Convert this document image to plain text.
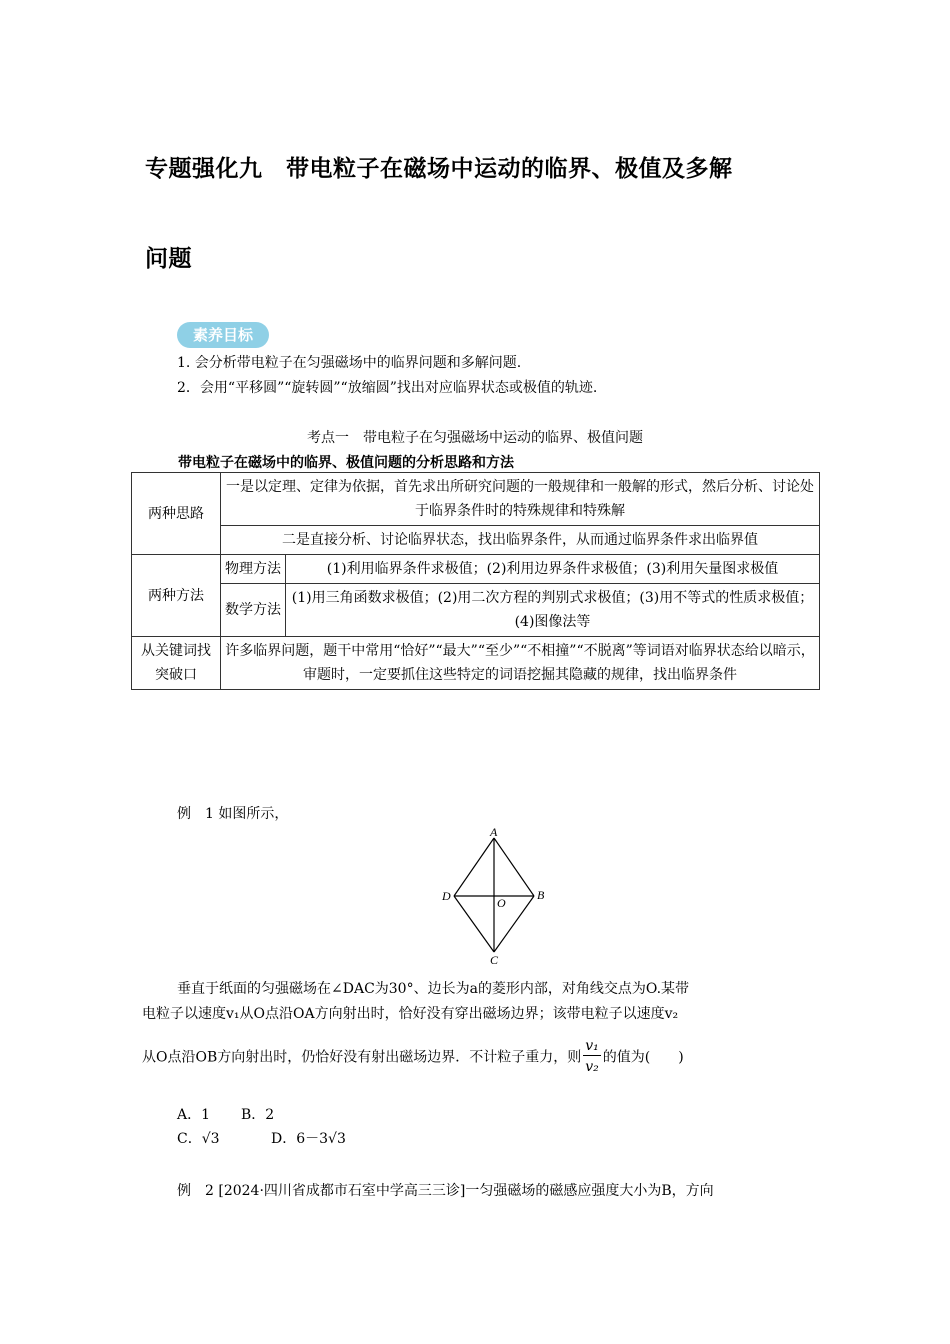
专题强化九　带电粒子在磁场中运动的临界、极值及多解
问题
素养目标
1. 会分析带电粒子在匀强磁场中的临界问题和多解问题.
2．会用“平移圆”“旋转圆”“放缩圆”找出对应临界状态或极值的轨迹.
考点一　带电粒子在匀强磁场中运动的临界、极值问题
带电粒子在磁场中的临界、极值问题的分析思路和方法
两种思路	一是以定理、定律为依据，首先求出所研究问题的一般规律和一般解的形式，然后分析、讨论处于临界条件时的特殊规律和特殊解	
	二是直接分析、讨论临界状态，找出临界条件，从而通过临界条件求出临界值	
两种方法	物理方法	(1)利用临界条件求极值；(2)利用边界条件求极值；(3)利用矢量图求极值
	数学方法	(1)用三角函数求极值；(2)用二次方程的判别式求极值；(3)用不等式的性质求极值；(4)图像法等
从关键词找突破口	许多临界问题，题干中常用“恰好”“最大”“至少”“不相撞”“不脱离”等词语对临界状态给以暗示，审题时，一定要抓住这些特定的词语挖掘其隐藏的规律，找出临界条件	
例　1 如图所示，
A
B
C
D	O
垂直于纸面的匀强磁场在∠DAC为30°、边长为a的菱形内部，对角线交点为O.某带
电粒子以速度v₁从O点沿OA方向射出时，恰好没有穿出磁场边界；该带电粒子以速度v₂
从O点沿OB方向射出时，仍恰好没有射出磁场边界．不计粒子重力，则 $\frac{\text{v₁}}{\text{v₂}}$ 的值为(　　)
A．1 B．2
C．√3	D．6－3√3
例　2 [2024·四川省成都市石室中学高三三诊]一匀强磁场的磁感应强度大小为B，方向
